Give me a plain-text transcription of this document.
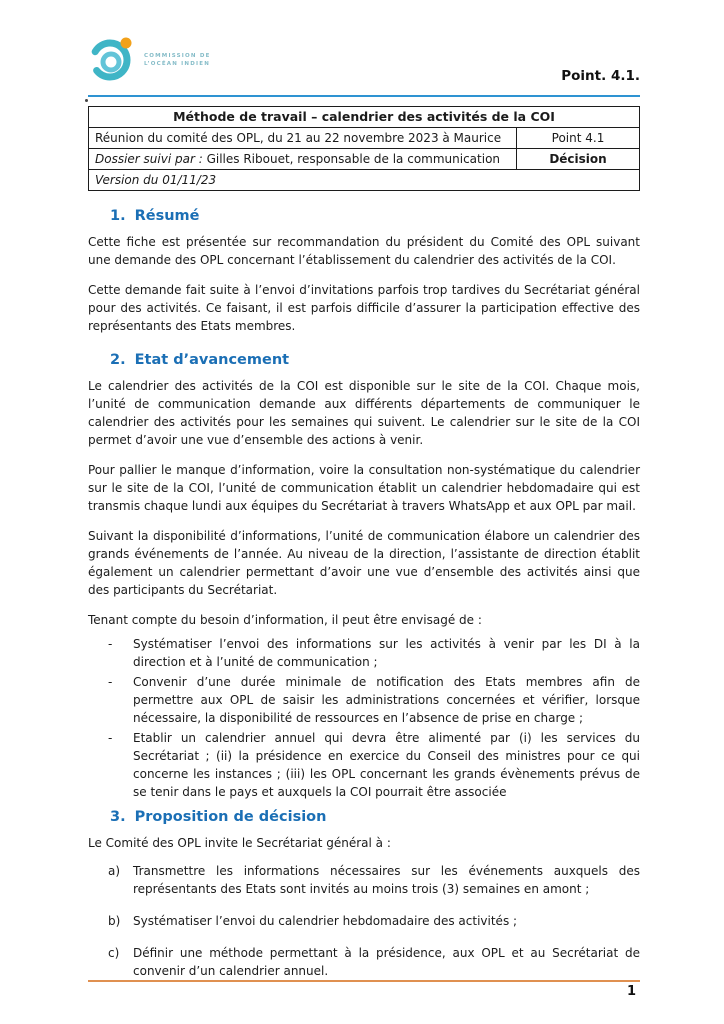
COMMISSION DE
L’OCÉAN INDIEN
Point. 4.1.
Méthode de travail – calendrier des activités de la COI	
Réunion du comité des OPL, du 21 au 22 novembre 2023 à Maurice	Point 4.1
Dossier suivi par : Gilles Ribouet, responsable de la communication	Décision
Version du 01/11/23	
1. Résumé

Cette fiche est présentée sur recommandation du président du Comité des OPL suivant une demande des OPL concernant l’établissement du calendrier des activités de la COI.

Cette demande fait suite à l’envoi d’invitations parfois trop tardives du Secrétariat général pour des activités. Ce faisant, il est parfois difficile d’assurer la participation effective des représentants des Etats membres.

2. Etat d’avancement

Le calendrier des activités de la COI est disponible sur le site de la COI. Chaque mois, l’unité de communication demande aux différents départements de communiquer le calendrier des activités pour les semaines qui suivent. Le calendrier sur le site de la COI permet d’avoir une vue d’ensemble des actions à venir.

Pour pallier le manque d’information, voire la consultation non-systématique du calendrier sur le site de la COI, l’unité de communication établit un calendrier hebdomadaire qui est transmis chaque lundi aux équipes du Secrétariat à travers WhatsApp et aux OPL par mail.

Suivant la disponibilité d’informations, l’unité de communication élabore un calendrier des grands événements de l’année. Au niveau de la direction, l’assistante de direction établit également un calendrier permettant d’avoir une vue d’ensemble des activités ainsi que des participants du Secrétariat.

Tenant compte du besoin d’information, il peut être envisagé de :

-	Systématiser l’envoi des informations sur les activités à venir par les DI à la direction et à l’unité de communication ;
-	Convenir d’une durée minimale de notification des Etats membres afin de permettre aux OPL de saisir les administrations concernées et vérifier, lorsque nécessaire, la disponibilité de ressources en l’absence de prise en charge ;
-	Etablir un calendrier annuel qui devra être alimenté par (i) les services du Secrétariat ; (ii) la présidence en exercice du Conseil des ministres pour ce qui concerne les instances ; (iii) les OPL concernant les grands évènements prévus de se tenir dans le pays et auxquels la COI pourrait être associée
3. Proposition de décision

Le Comité des OPL invite le Secrétariat général à :

a)	Transmettre les informations nécessaires sur les événements auxquels des représentants des Etats sont invités au moins trois (3) semaines en amont ;
b)	Systématiser l’envoi du calendrier hebdomadaire des activités ;
c)	Définir une méthode permettant à la présidence, aux OPL et au Secrétariat de convenir d’un calendrier annuel.
1
